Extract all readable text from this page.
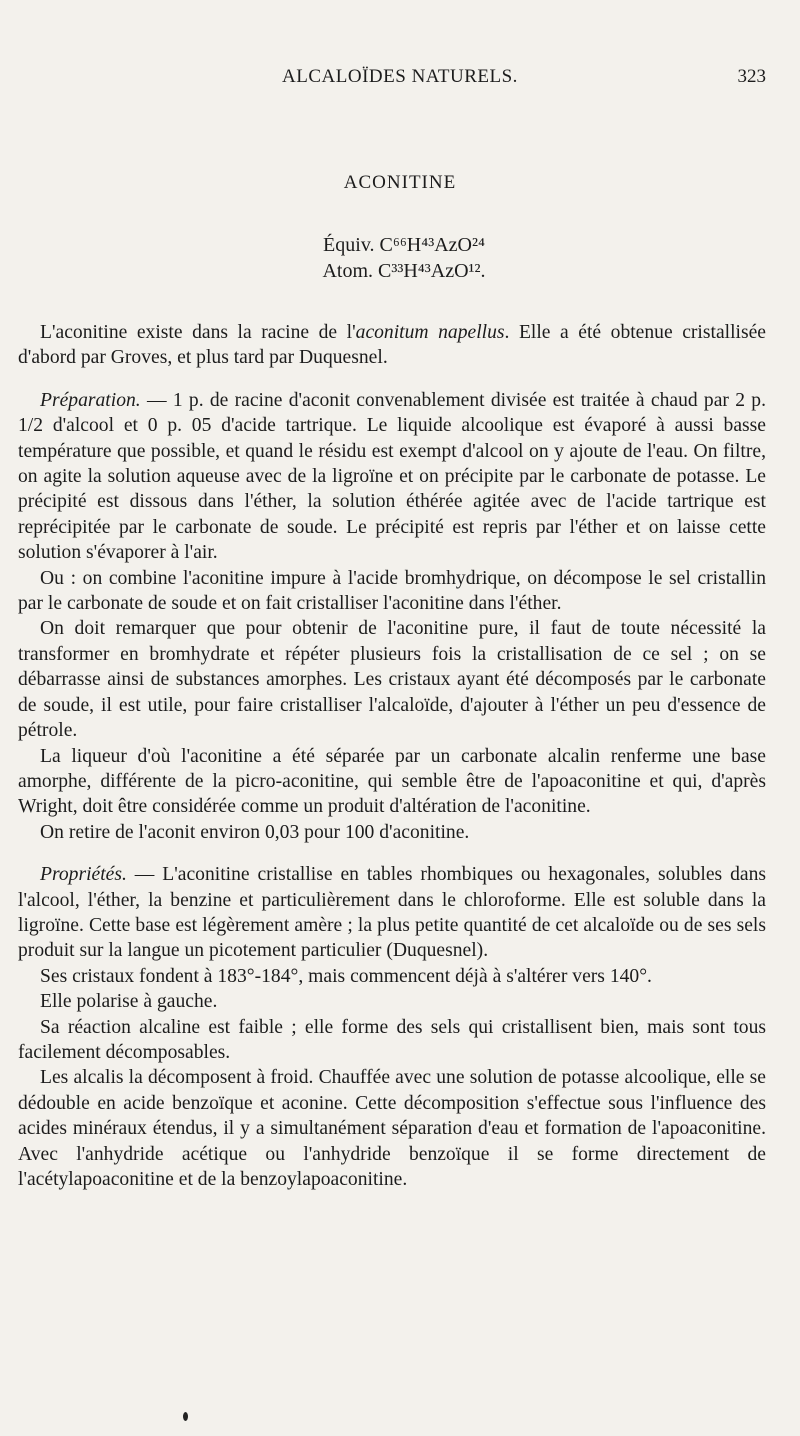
ALCALOÏDES NATURELS.	323
ACONITINE
Équiv. C⁶⁶H⁴³AzO²⁴
Atom. C³³H⁴³AzO¹².

L'aconitine existe dans la racine de l'aconitum napellus. Elle a été obtenue cristallisée d'abord par Groves, et plus tard par Duquesnel.

Préparation. — 1 p. de racine d'aconit convenablement divisée est traitée à chaud par 2 p. 1/2 d'alcool et 0 p. 05 d'acide tartrique. Le liquide alcoolique est évaporé à aussi basse température que possible, et quand le résidu est exempt d'alcool on y ajoute de l'eau. On filtre, on agite la solution aqueuse avec de la ligroïne et on précipite par le carbonate de potasse. Le précipité est dissous dans l'éther, la solution éthérée agitée avec de l'acide tartrique est reprécipitée par le carbonate de soude. Le précipité est repris par l'éther et on laisse cette solution s'évaporer à l'air.

Ou : on combine l'aconitine impure à l'acide bromhydrique, on décompose le sel cristallin par le carbonate de soude et on fait cristalliser l'aconitine dans l'éther.

On doit remarquer que pour obtenir de l'aconitine pure, il faut de toute nécessité la transformer en bromhydrate et répéter plusieurs fois la cristallisation de ce sel ; on se débarrasse ainsi de substances amorphes. Les cristaux ayant été décomposés par le carbonate de soude, il est utile, pour faire cristalliser l'alcaloïde, d'ajouter à l'éther un peu d'essence de pétrole.

La liqueur d'où l'aconitine a été séparée par un carbonate alcalin renferme une base amorphe, différente de la picro-aconitine, qui semble être de l'apoaconitine et qui, d'après Wright, doit être considérée comme un produit d'altération de l'aconitine.

On retire de l'aconit environ 0,03 pour 100 d'aconitine.

Propriétés. — L'aconitine cristallise en tables rhombiques ou hexagonales, solubles dans l'alcool, l'éther, la benzine et particulièrement dans le chloroforme. Elle est soluble dans la ligroïne. Cette base est légèrement amère ; la plus petite quantité de cet alcaloïde ou de ses sels produit sur la langue un picotement particulier (Duquesnel).

Ses cristaux fondent à 183°-184°, mais commencent déjà à s'altérer vers 140°.

Elle polarise à gauche.

Sa réaction alcaline est faible ; elle forme des sels qui cristallisent bien, mais sont tous facilement décomposables.

Les alcalis la décomposent à froid. Chauffée avec une solution de potasse alcoolique, elle se dédouble en acide benzoïque et aconine. Cette décomposition s'effectue sous l'influence des acides minéraux étendus, il y a simultanément séparation d'eau et formation de l'apoaconitine. Avec l'anhydride acétique ou l'anhydride benzoïque il se forme directement de l'acétylapoaconitine et de la benzoylapoaconitine.
